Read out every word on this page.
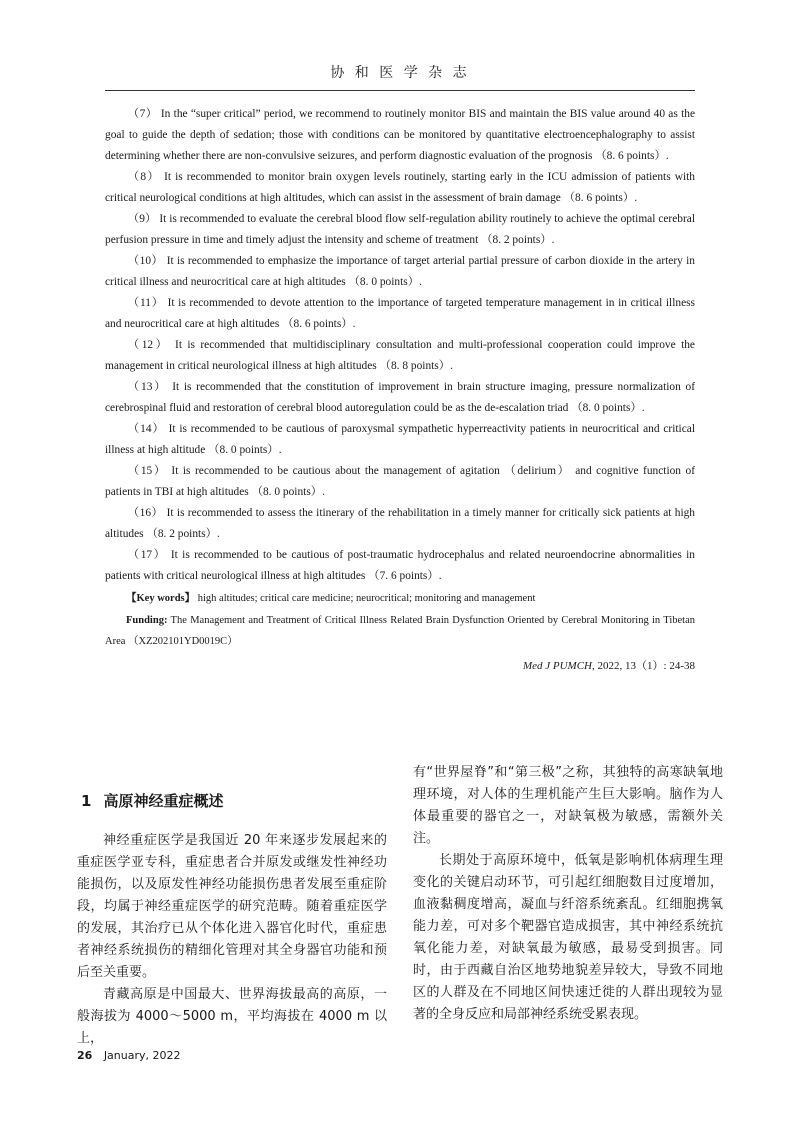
协 和 医 学 杂 志

（7） In the “super critical” period, we recommend to routinely monitor BIS and maintain the BIS value around 40 as the goal to guide the depth of sedation; those with conditions can be monitored by quantitative electroencephalography to assist determining whether there are non-convulsive seizures, and perform diagnostic evaluation of the prognosis （8. 6 points）.

（8） It is recommended to monitor brain oxygen levels routinely, starting early in the ICU admission of patients with critical neurological conditions at high altitudes, which can assist in the assessment of brain damage （8. 6 points）.

（9） It is recommended to evaluate the cerebral blood flow self-regulation ability routinely to achieve the optimal cerebral perfusion pressure in time and timely adjust the intensity and scheme of treatment （8. 2 points）.

（10） It is recommended to emphasize the importance of target arterial partial pressure of carbon dioxide in the artery in critical illness and neurocritical care at high altitudes （8. 0 points）.

（11） It is recommended to devote attention to the importance of targeted temperature management in in critical illness and neurocritical care at high altitudes （8. 6 points）.

（12） It is recommended that multidisciplinary consultation and multi-professional cooperation could improve the management in critical neurological illness at high altitudes （8. 8 points）.

（13） It is recommended that the constitution of improvement in brain structure imaging, pressure normalization of cerebrospinal fluid and restoration of cerebral blood autoregulation could be as the de-escalation triad （8. 0 points）.

（14） It is recommended to be cautious of paroxysmal sympathetic hyperreactivity patients in neurocritical and critical illness at high altitude （8. 0 points）.

（15） It is recommended to be cautious about the management of agitation （delirium） and cognitive function of patients in TBI at high altitudes （8. 0 points）.

（16） It is recommended to assess the itinerary of the rehabilitation in a timely manner for critically sick patients at high altitudes （8. 2 points）.

（17） It is recommended to be cautious of post-traumatic hydrocephalus and related neuroendocrine abnormalities in patients with critical neurological illness at high altitudes （7. 6 points）.

【Key words】 high altitudes; critical care medicine; neurocritical; monitoring and management
Funding: The Management and Treatment of Critical Illness Related Brain Dysfunction Oriented by Cerebral Monitoring in Tibetan Area （XZ202101YD0019C）
Med J PUMCH, 2022, 13（1）: 24-38
1 高原神经重症概述

神经重症医学是我国近 20 年来逐步发展起来的重症医学亚专科，重症患者合并原发或继发性神经功能损伤，以及原发性神经功能损伤患者发展至重症阶段，均属于神经重症医学的研究范畴。随着重症医学的发展，其治疗已从个体化进入器官化时代，重症患者神经系统损伤的精细化管理对其全身器官功能和预后至关重要。

青藏高原是中国最大、世界海拔最高的高原，一般海拔为 4000～5000 m，平均海拔在 4000 m 以上，

有“世界屋脊”和“第三极”之称，其独特的高寒缺氧地理环境，对人体的生理机能产生巨大影响。脑作为人体最重要的器官之一，对缺氧极为敏感，需额外关注。

长期处于高原环境中，低氧是影响机体病理生理变化的关键启动环节，可引起红细胞数目过度增加，血液黏稠度增高，凝血与纤溶系统紊乱。红细胞携氧能力差，可对多个靶器官造成损害，其中神经系统抗氧化能力差，对缺氧最为敏感，最易受到损害。同时，由于西藏自治区地势地貌差异较大，导致不同地区的人群及在不同地区间快速迁徙的人群出现较为显著的全身反应和局部神经系统受累表现。

26 January, 2022
